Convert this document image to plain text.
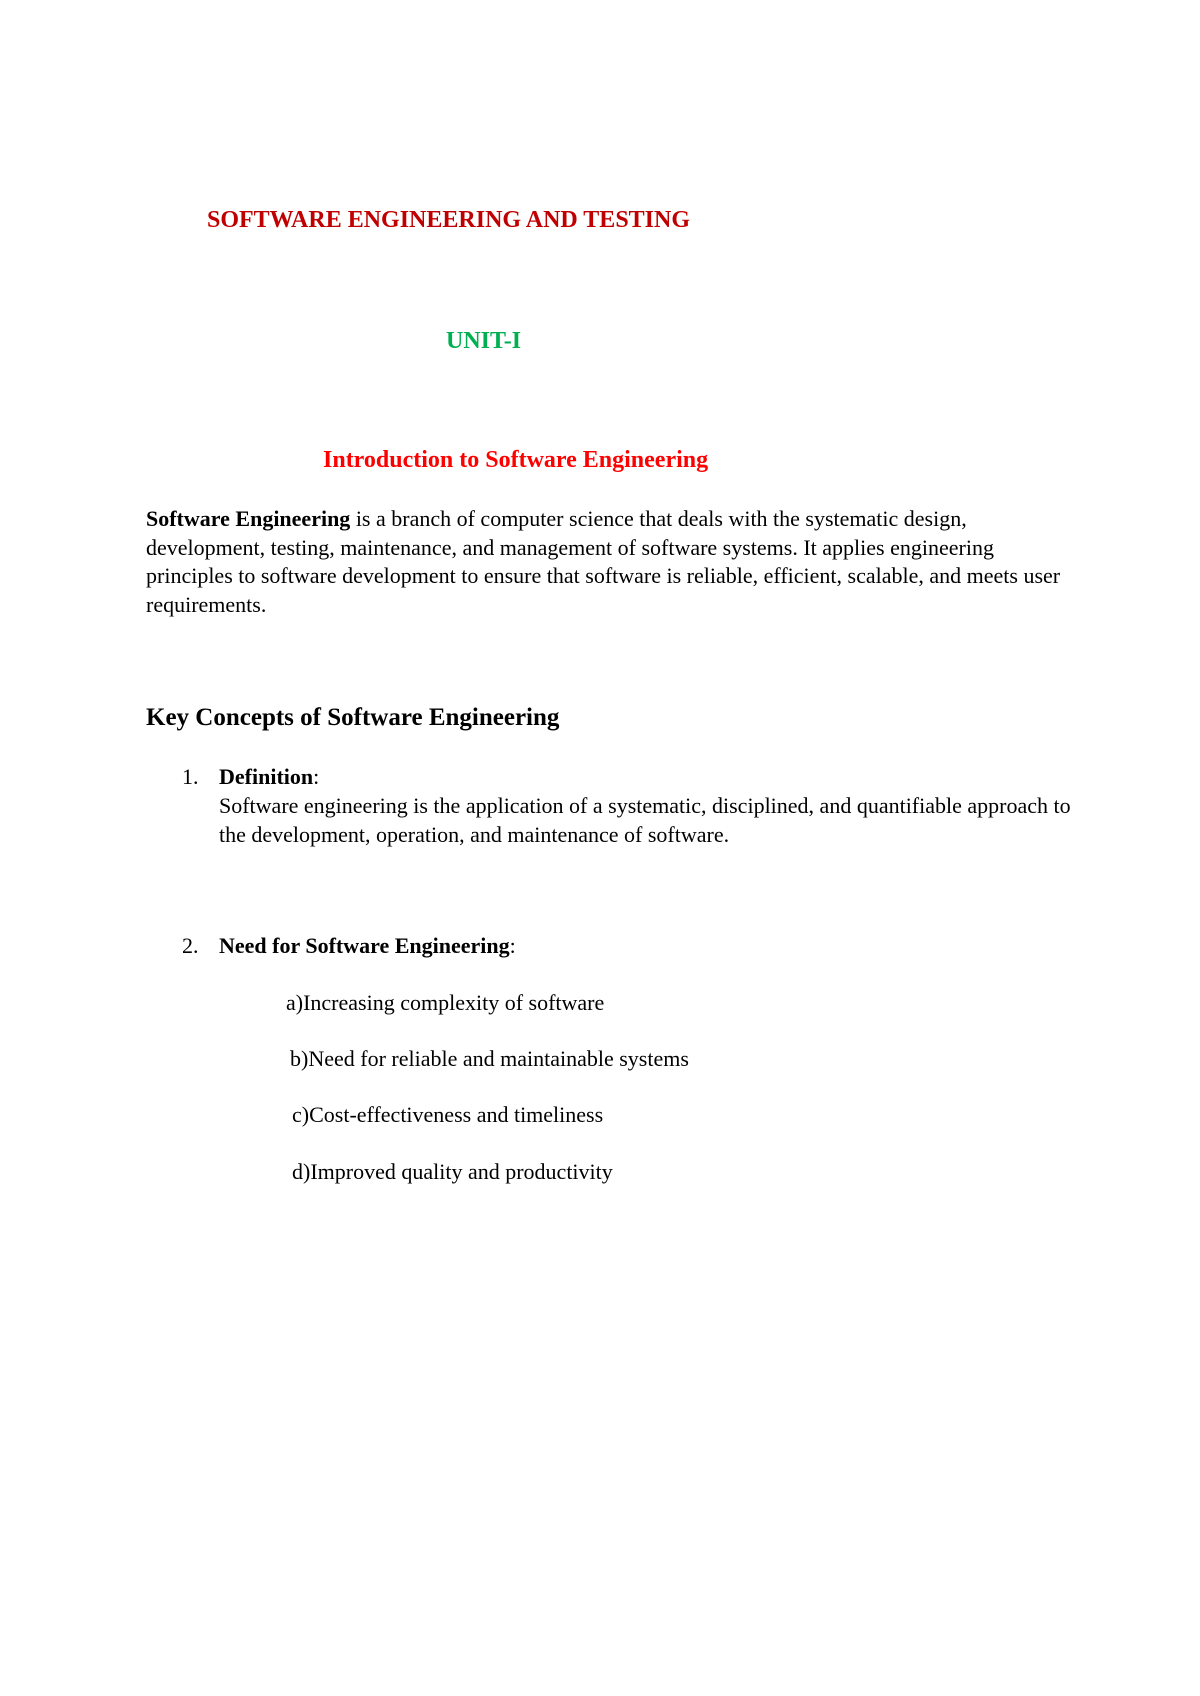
SOFTWARE ENGINEERING AND TESTING

UNIT-I

Introduction to Software Engineering

Software Engineering is a branch of computer science that deals with the systematic design, development, testing, maintenance, and management of software systems. It applies engineering principles to software development to ensure that software is reliable, efficient, scalable, and meets user requirements.

Key Concepts of Software Engineering

1. Definition:

Software engineering is the application of a systematic, disciplined, and quantifiable approach to the development, operation, and maintenance of software.

2. Need for Software Engineering:

a)Increasing complexity of software

b)Need for reliable and maintainable systems

c)Cost-effectiveness and timeliness

d)Improved quality and productivity
